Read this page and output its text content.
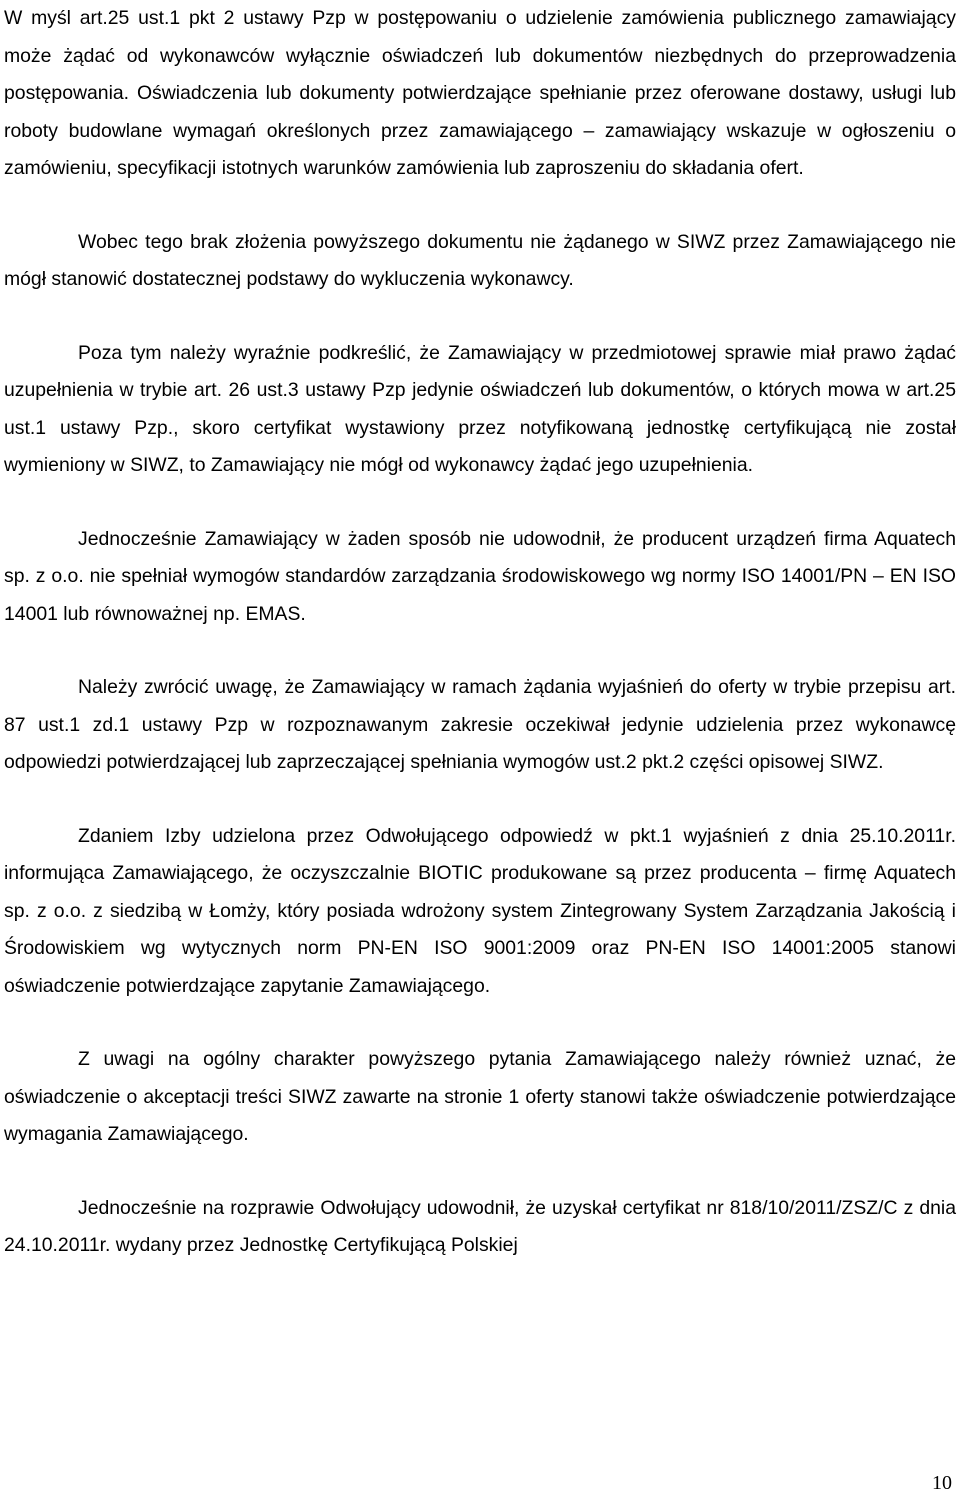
W myśl art.25 ust.1 pkt 2 ustawy Pzp w postępowaniu o udzielenie zamówienia publicznego zamawiający może żądać od wykonawców wyłącznie oświadczeń lub dokumentów niezbędnych do przeprowadzenia postępowania. Oświadczenia lub dokumenty potwierdzające spełnianie przez oferowane dostawy, usługi lub roboty budowlane wymagań określonych przez zamawiającego – zamawiający wskazuje w ogłoszeniu o zamówieniu, specyfikacji istotnych warunków zamówienia lub zaproszeniu do składania ofert.

Wobec tego brak złożenia powyższego dokumentu nie żądanego w SIWZ przez Zamawiającego nie mógł stanowić dostatecznej podstawy do wykluczenia wykonawcy.

Poza tym należy wyraźnie podkreślić, że Zamawiający w przedmiotowej sprawie miał prawo żądać uzupełnienia w trybie art. 26 ust.3 ustawy Pzp jedynie oświadczeń lub dokumentów, o których mowa w art.25 ust.1 ustawy Pzp., skoro certyfikat wystawiony przez notyfikowaną jednostkę certyfikującą nie został wymieniony w SIWZ, to Zamawiający nie mógł od wykonawcy żądać jego uzupełnienia.

Jednocześnie Zamawiający w żaden sposób nie udowodnił, że producent urządzeń firma Aquatech sp. z o.o. nie spełniał wymogów standardów zarządzania środowiskowego wg normy ISO 14001/PN – EN ISO 14001 lub równoważnej np. EMAS.

Należy zwrócić uwagę, że Zamawiający w ramach żądania wyjaśnień do oferty w trybie przepisu art. 87 ust.1 zd.1 ustawy Pzp w rozpoznawanym zakresie oczekiwał jedynie udzielenia przez wykonawcę odpowiedzi potwierdzającej lub zaprzeczającej spełniania wymogów ust.2 pkt.2 części opisowej SIWZ.

Zdaniem Izby udzielona przez Odwołującego odpowiedź w pkt.1 wyjaśnień z dnia 25.10.2011r. informująca Zamawiającego, że oczyszczalnie BIOTIC produkowane są przez producenta – firmę Aquatech sp. z o.o. z siedzibą w Łomży, który posiada wdrożony system Zintegrowany System Zarządzania Jakością i Środowiskiem wg wytycznych norm PN-EN ISO 9001:2009 oraz PN-EN ISO 14001:2005 stanowi oświadczenie potwierdzające zapytanie Zamawiającego.

Z uwagi na ogólny charakter powyższego pytania Zamawiającego należy również uznać, że oświadczenie o akceptacji treści SIWZ zawarte na stronie 1 oferty stanowi także oświadczenie potwierdzające wymagania Zamawiającego.

Jednocześnie na rozprawie Odwołujący udowodnił, że uzyskał certyfikat nr 818/10/2011/ZSZ/C z dnia 24.10.2011r. wydany przez Jednostkę Certyfikującą Polskiej

10
